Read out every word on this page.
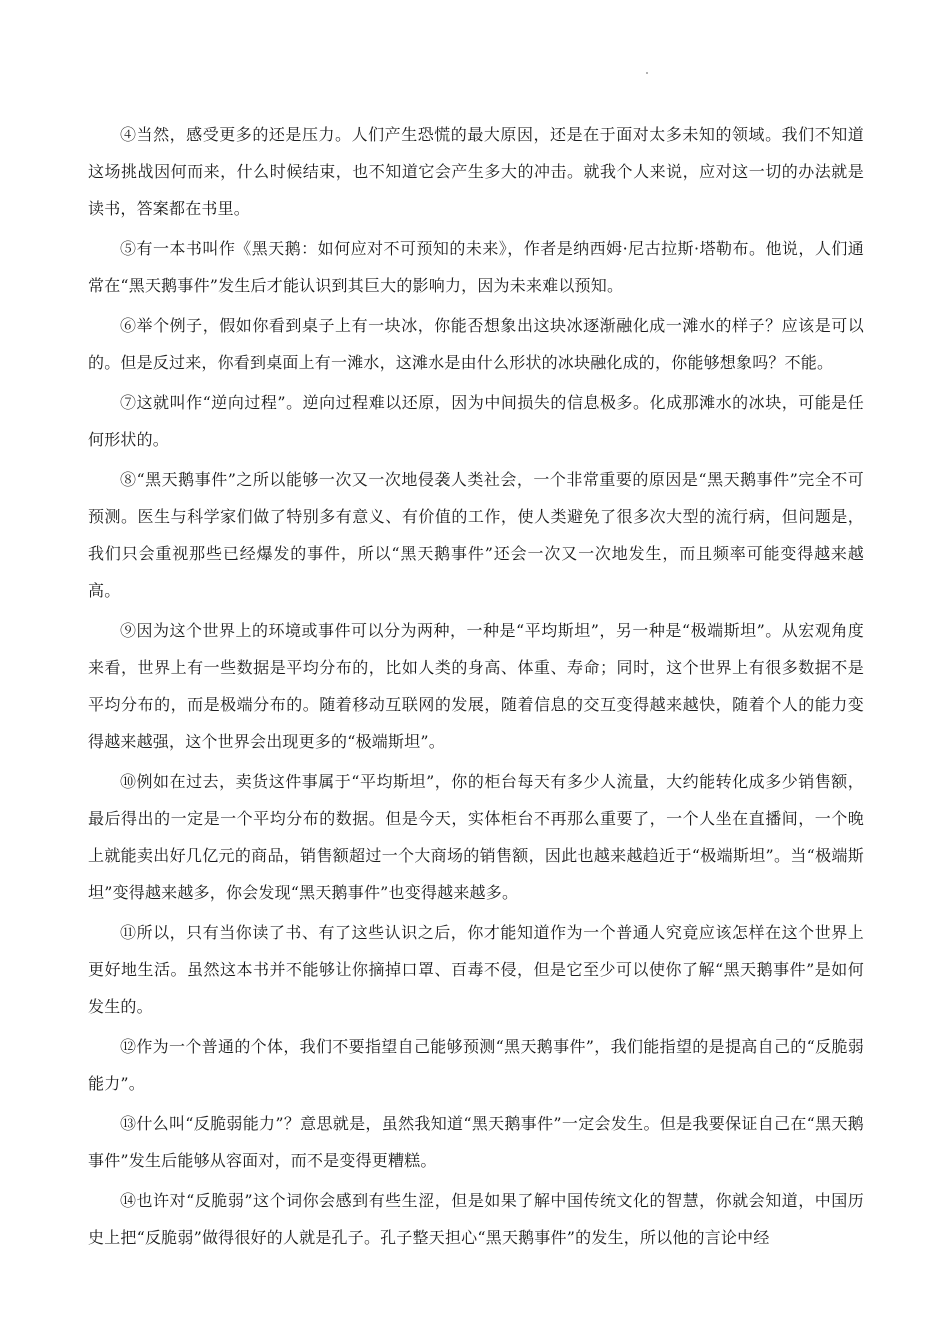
④当然，感受更多的还是压力。人们产生恐慌的最大原因，还是在于面对太多未知的领域。我们不知道这场挑战因何而来，什么时候结束，也不知道它会产生多大的冲击。就我个人来说，应对这一切的办法就是读书，答案都在书里。

⑤有一本书叫作《黑天鹅：如何应对不可预知的未来》，作者是纳西姆·尼古拉斯·塔勒布。他说，人们通常在“黑天鹅事件”发生后才能认识到其巨大的影响力，因为未来难以预知。

⑥举个例子，假如你看到桌子上有一块冰，你能否想象出这块冰逐渐融化成一滩水的样子？应该是可以的。但是反过来，你看到桌面上有一滩水，这滩水是由什么形状的冰块融化成的，你能够想象吗？不能。

⑦这就叫作“逆向过程”。逆向过程难以还原，因为中间损失的信息极多。化成那滩水的冰块，可能是任何形状的。

⑧“黑天鹅事件”之所以能够一次又一次地侵袭人类社会，一个非常重要的原因是“黑天鹅事件”完全不可预测。医生与科学家们做了特别多有意义、有价值的工作，使人类避免了很多次大型的流行病，但问题是，我们只会重视那些已经爆发的事件，所以“黑天鹅事件”还会一次又一次地发生，而且频率可能变得越来越高。

⑨因为这个世界上的环境或事件可以分为两种，一种是“平均斯坦”，另一种是“极端斯坦”。从宏观角度来看，世界上有一些数据是平均分布的，比如人类的身高、体重、寿命；同时，这个世界上有很多数据不是平均分布的，而是极端分布的。随着移动互联网的发展，随着信息的交互变得越来越快，随着个人的能力变得越来越强，这个世界会出现更多的“极端斯坦”。

⑩例如在过去，卖货这件事属于“平均斯坦”，你的柜台每天有多少人流量，大约能转化成多少销售额，最后得出的一定是一个平均分布的数据。但是今天，实体柜台不再那么重要了，一个人坐在直播间，一个晚上就能卖出好几亿元的商品，销售额超过一个大商场的销售额，因此也越来越趋近于“极端斯坦”。当“极端斯坦”变得越来越多，你会发现“黑天鹅事件”也变得越来越多。

⑪所以，只有当你读了书、有了这些认识之后，你才能知道作为一个普通人究竟应该怎样在这个世界上更好地生活。虽然这本书并不能够让你摘掉口罩、百毒不侵，但是它至少可以使你了解“黑天鹅事件”是如何发生的。

⑫作为一个普通的个体，我们不要指望自己能够预测“黑天鹅事件”，我们能指望的是提高自己的“反脆弱能力”。

⑬什么叫“反脆弱能力”？意思就是，虽然我知道“黑天鹅事件”一定会发生。但是我要保证自己在“黑天鹅事件”发生后能够从容面对，而不是变得更糟糕。

⑭也许对“反脆弱”这个词你会感到有些生涩，但是如果了解中国传统文化的智慧，你就会知道，中国历史上把“反脆弱”做得很好的人就是孔子。孔子整天担心“黑天鹅事件”的发生，所以他的言论中经
